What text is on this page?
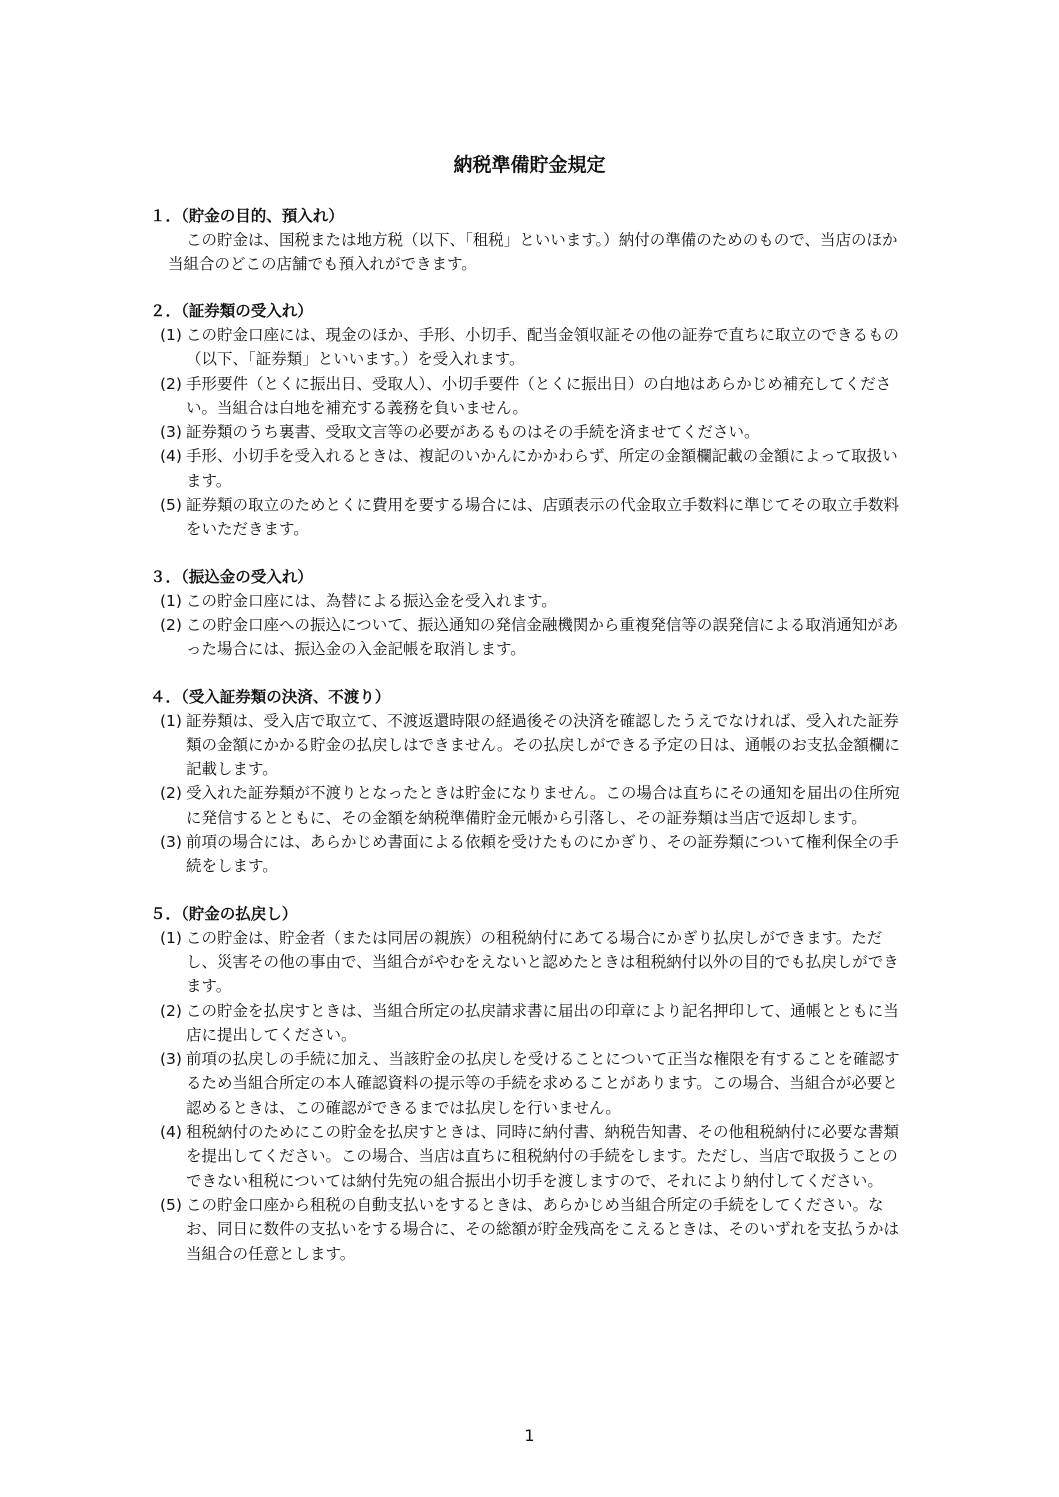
納税準備貯金規定
１．（貯金の目的、預入れ）
この貯金は、国税または地方税（以下、「租税」といいます。）納付の準備のためのもので、当店のほか当組合のどこの店舗でも預入れができます。
２．（証券類の受入れ）
(1) この貯金口座には、現金のほか、手形、小切手、配当金領収証その他の証券で直ちに取立のできるもの（以下、「証券類」といいます。）を受入れます。
(2) 手形要件（とくに振出日、受取人）、小切手要件（とくに振出日）の白地はあらかじめ補充してください。当組合は白地を補充する義務を負いません。
(3) 証券類のうち裏書、受取文言等の必要があるものはその手続を済ませてください。
(4) 手形、小切手を受入れるときは、複記のいかんにかかわらず、所定の金額欄記載の金額によって取扱います。
(5) 証券類の取立のためとくに費用を要する場合には、店頭表示の代金取立手数料に準じてその取立手数料をいただきます。
３．（振込金の受入れ）
(1) この貯金口座には、為替による振込金を受入れます。
(2) この貯金口座への振込について、振込通知の発信金融機関から重複発信等の誤発信による取消通知があった場合には、振込金の入金記帳を取消します。
４．（受入証券類の決済、不渡り）
(1) 証券類は、受入店で取立て、不渡返還時限の経過後その決済を確認したうえでなければ、受入れた証券類の金額にかかる貯金の払戻しはできません。その払戻しができる予定の日は、通帳のお支払金額欄に記載します。
(2) 受入れた証券類が不渡りとなったときは貯金になりません。この場合は直ちにその通知を届出の住所宛に発信するとともに、その金額を納税準備貯金元帳から引落し、その証券類は当店で返却します。
(3) 前項の場合には、あらかじめ書面による依頼を受けたものにかぎり、その証券類について権利保全の手続をします。
５．（貯金の払戻し）
(1) この貯金は、貯金者（または同居の親族）の租税納付にあてる場合にかぎり払戻しができます。ただし、災害その他の事由で、当組合がやむをえないと認めたときは租税納付以外の目的でも払戻しができます。
(2) この貯金を払戻すときは、当組合所定の払戻請求書に届出の印章により記名押印して、通帳とともに当店に提出してください。
(3) 前項の払戻しの手続に加え、当該貯金の払戻しを受けることについて正当な権限を有することを確認するため当組合所定の本人確認資料の提示等の手続を求めることがあります。この場合、当組合が必要と認めるときは、この確認ができるまでは払戻しを行いません。
(4) 租税納付のためにこの貯金を払戻すときは、同時に納付書、納税告知書、その他租税納付に必要な書類を提出してください。この場合、当店は直ちに租税納付の手続をします。ただし、当店で取扱うことのできない租税については納付先宛の組合振出小切手を渡しますので、それにより納付してください。
(5) この貯金口座から租税の自動支払いをするときは、あらかじめ当組合所定の手続をしてください。なお、同日に数件の支払いをする場合に、その総額が貯金残高をこえるときは、そのいずれを支払うかは当組合の任意とします。
1
